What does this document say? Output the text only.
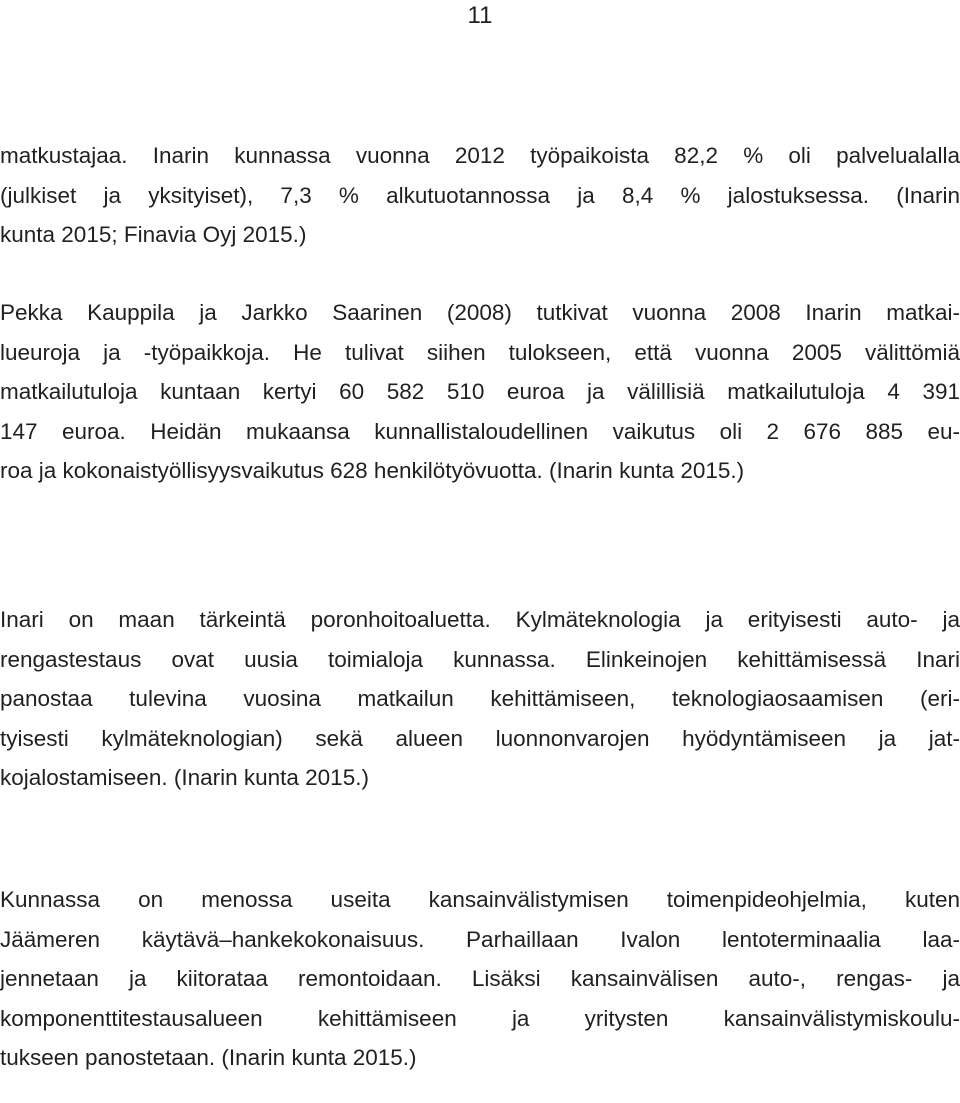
11
matkustajaa. Inarin kunnassa vuonna 2012 työpaikoista 82,2 % oli palvelualalla
(julkiset ja yksityiset), 7,3 % alkutuotannossa ja 8,4 % jalostuksessa. (Inarin
kunta 2015; Finavia Oyj 2015.)
Pekka Kauppila ja Jarkko Saarinen (2008) tutkivat vuonna 2008 Inarin matkai-
lueuroja ja -työpaikkoja. He tulivat siihen tulokseen, että vuonna 2005 välittömiä
matkailutuloja kuntaan kertyi 60 582 510 euroa ja välillisiä matkailutuloja 4 391
147 euroa. Heidän mukaansa kunnallistaloudellinen vaikutus oli 2 676 885 eu-
roa ja kokonaistyöllisyysvaikutus 628 henkilötyövuotta. (Inarin kunta 2015.)
Inari on maan tärkeintä poronhoitoaluetta. Kylmäteknologia ja erityisesti auto- ja
rengastestaus ovat uusia toimialoja kunnassa. Elinkeinojen kehittämisessä Inari
panostaa tulevina vuosina matkailun kehittämiseen, teknologiaosaamisen (eri-
tyisesti kylmäteknologian) sekä alueen luonnonvarojen hyödyntämiseen ja jat-
kojalostamiseen. (Inarin kunta 2015.)
Kunnassa on menossa useita kansainvälistymisen toimenpideohjelmia, kuten
Jäämeren käytävä–hankekokonaisuus. Parhaillaan Ivalon lentoterminaalia laa-
jennetaan ja kiitorataa remontoidaan. Lisäksi kansainvälisen auto-, rengas- ja
komponenttitestausalueen kehittämiseen ja yritysten kansainvälistymiskoulu-
tukseen panostetaan. (Inarin kunta 2015.)
